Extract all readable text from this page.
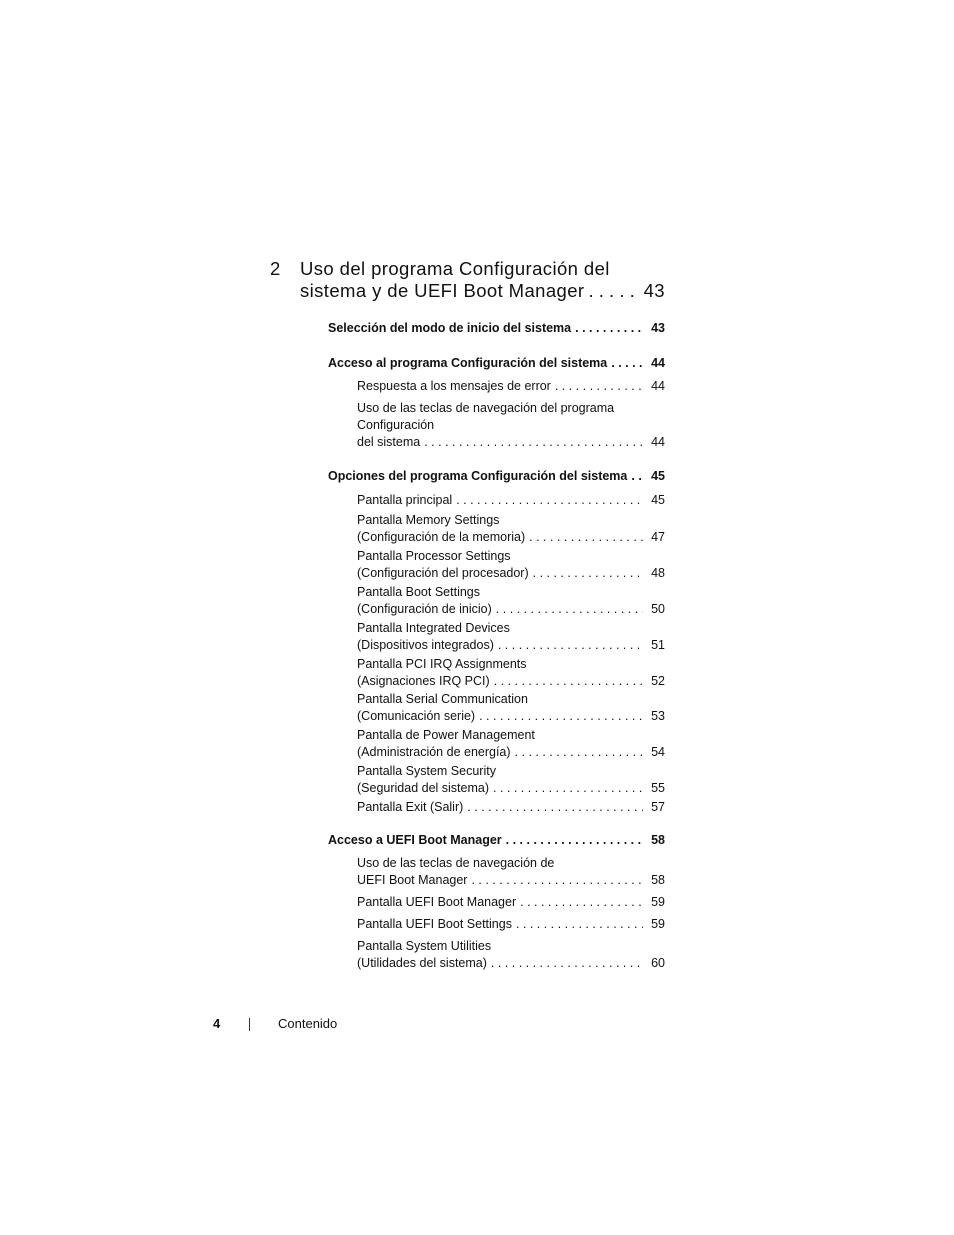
2 Uso del programa Configuración del
sistema y de UEFI Boot Manager . . .	43
Selección del modo de inicio del sistema . . .	43
Acceso al programa Configuración del sistema . . .	44
Respuesta a los mensajes de error . . .	44
Uso de las teclas de navegación del programa
Configuración
del sistema . . .	44
Opciones del programa Configuración del sistema . . .	45
Pantalla principal . . .	45
Pantalla Memory Settings
(Configuración de la memoria) . . .	47
Pantalla Processor Settings
(Configuración del procesador) . . .	48
Pantalla Boot Settings
(Configuración de inicio) . . .	50
Pantalla Integrated Devices
(Dispositivos integrados) . . .	51
Pantalla PCI IRQ Assignments
(Asignaciones IRQ PCI) . . .	52
Pantalla Serial Communication
(Comunicación serie) . . .	53
Pantalla de Power Management
(Administración de energía) . . .	54
Pantalla System Security
(Seguridad del sistema) . . .	55
Pantalla Exit (Salir) . . .	57
Acceso a UEFI Boot Manager . . .	58
Uso de las teclas de navegación de
UEFI Boot Manager . . .	58
Pantalla UEFI Boot Manager . . .	59
Pantalla UEFI Boot Settings . . .	59
Pantalla System Utilities
(Utilidades del sistema) . . .	60
4	Contenido
